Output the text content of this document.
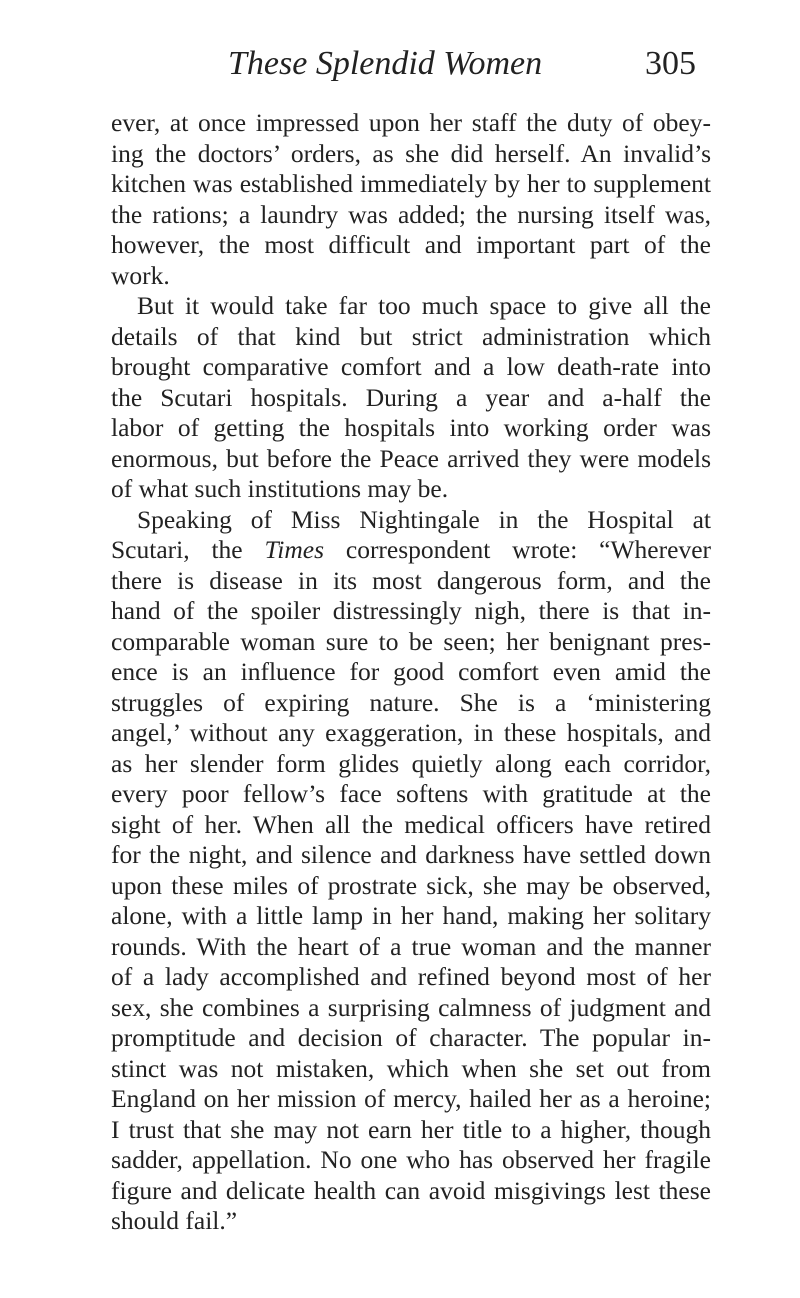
These Splendid Women	305
ever, at once impressed upon her staff the duty of obey-
ing the doctors’ orders, as she did herself. An invalid’s
kitchen was established immediately by her to supplement
the rations; a laundry was added; the nursing itself was,
however, the most difficult and important part of the
work.
But it would take far too much space to give all the
details of that kind but strict administration which
brought comparative comfort and a low death-rate into
the Scutari hospitals. During a year and a-half the
labor of getting the hospitals into working order was
enormous, but before the Peace arrived they were models
of what such institutions may be.
Speaking of Miss Nightingale in the Hospital at
Scutari, the Times correspondent wrote: “Wherever
there is disease in its most dangerous form, and the
hand of the spoiler distressingly nigh, there is that in-
comparable woman sure to be seen; her benignant pres-
ence is an influence for good comfort even amid the
struggles of expiring nature. She is a ‘ministering
angel,’ without any exaggeration, in these hospitals, and
as her slender form glides quietly along each corridor,
every poor fellow’s face softens with gratitude at the
sight of her. When all the medical officers have retired
for the night, and silence and darkness have settled down
upon these miles of prostrate sick, she may be observed,
alone, with a little lamp in her hand, making her solitary
rounds. With the heart of a true woman and the manner
of a lady accomplished and refined beyond most of her
sex, she combines a surprising calmness of judgment and
promptitude and decision of character. The popular in-
stinct was not mistaken, which when she set out from
England on her mission of mercy, hailed her as a heroine;
I trust that she may not earn her title to a higher, though
sadder, appellation. No one who has observed her fragile
figure and delicate health can avoid misgivings lest these
should fail.”
